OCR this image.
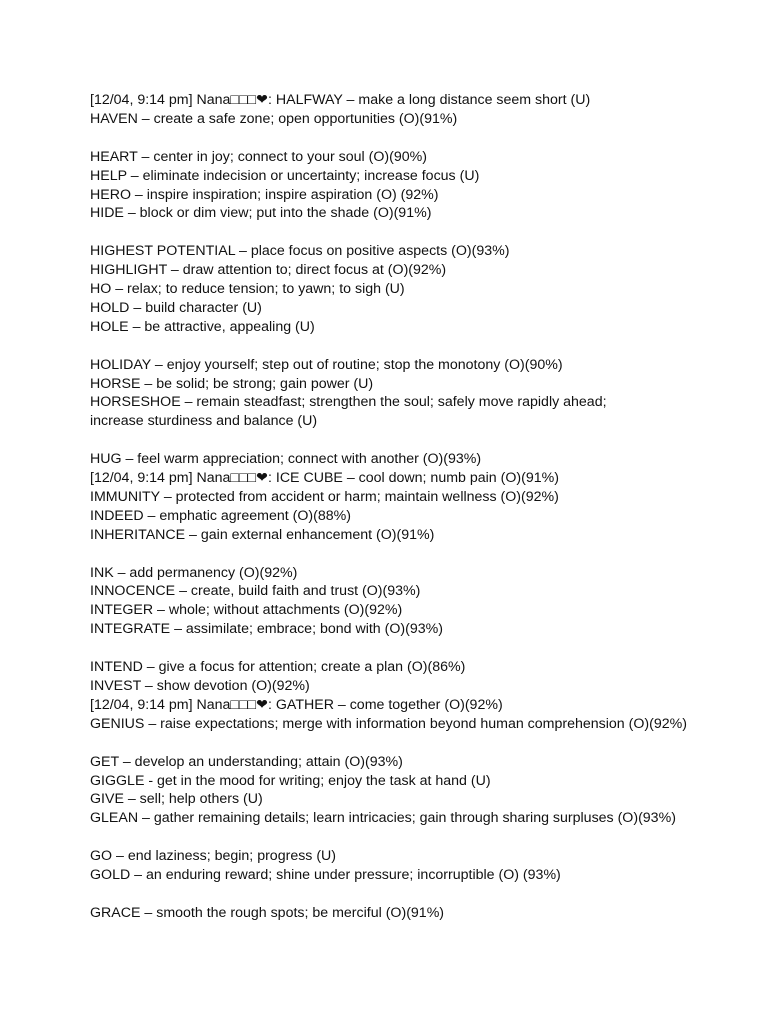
[12/04, 9:14 pm] Nana□□□❤: HALFWAY – make a long distance seem short (U)
HAVEN – create a safe zone; open opportunities (O)(91%)
HEART – center in joy; connect to your soul (O)(90%)
HELP – eliminate indecision or uncertainty; increase focus (U)
HERO – inspire inspiration; inspire aspiration (O) (92%)
HIDE – block or dim view; put into the shade (O)(91%)
HIGHEST POTENTIAL – place focus on positive aspects (O)(93%)
HIGHLIGHT – draw attention to; direct focus at (O)(92%)
HO – relax; to reduce tension; to yawn; to sigh (U)
HOLD – build character (U)
HOLE – be attractive, appealing (U)
HOLIDAY – enjoy yourself; step out of routine; stop the monotony (O)(90%)
HORSE – be solid; be strong; gain power (U)
HORSESHOE – remain steadfast; strengthen the soul; safely move rapidly ahead; increase sturdiness and balance (U)
HUG – feel warm appreciation; connect with another (O)(93%)
[12/04, 9:14 pm] Nana□□□❤: ICE CUBE – cool down; numb pain (O)(91%)
IMMUNITY – protected from accident or harm; maintain wellness (O)(92%)
INDEED – emphatic agreement (O)(88%)
INHERITANCE – gain external enhancement (O)(91%)
INK – add permanency (O)(92%)
INNOCENCE – create, build faith and trust (O)(93%)
INTEGER – whole; without attachments (O)(92%)
INTEGRATE – assimilate; embrace; bond with (O)(93%)
INTEND – give a focus for attention; create a plan (O)(86%)
INVEST – show devotion (O)(92%)
[12/04, 9:14 pm] Nana□□□❤: GATHER – come together (O)(92%)
GENIUS – raise expectations; merge with information beyond human comprehension (O)(92%)
GET – develop an understanding; attain (O)(93%)
GIGGLE - get in the mood for writing; enjoy the task at hand (U)
GIVE – sell; help others (U)
GLEAN – gather remaining details; learn intricacies; gain through sharing surpluses (O)(93%)
GO – end laziness; begin; progress (U)
GOLD – an enduring reward; shine under pressure; incorruptible (O) (93%)
GRACE – smooth the rough spots; be merciful (O)(91%)
